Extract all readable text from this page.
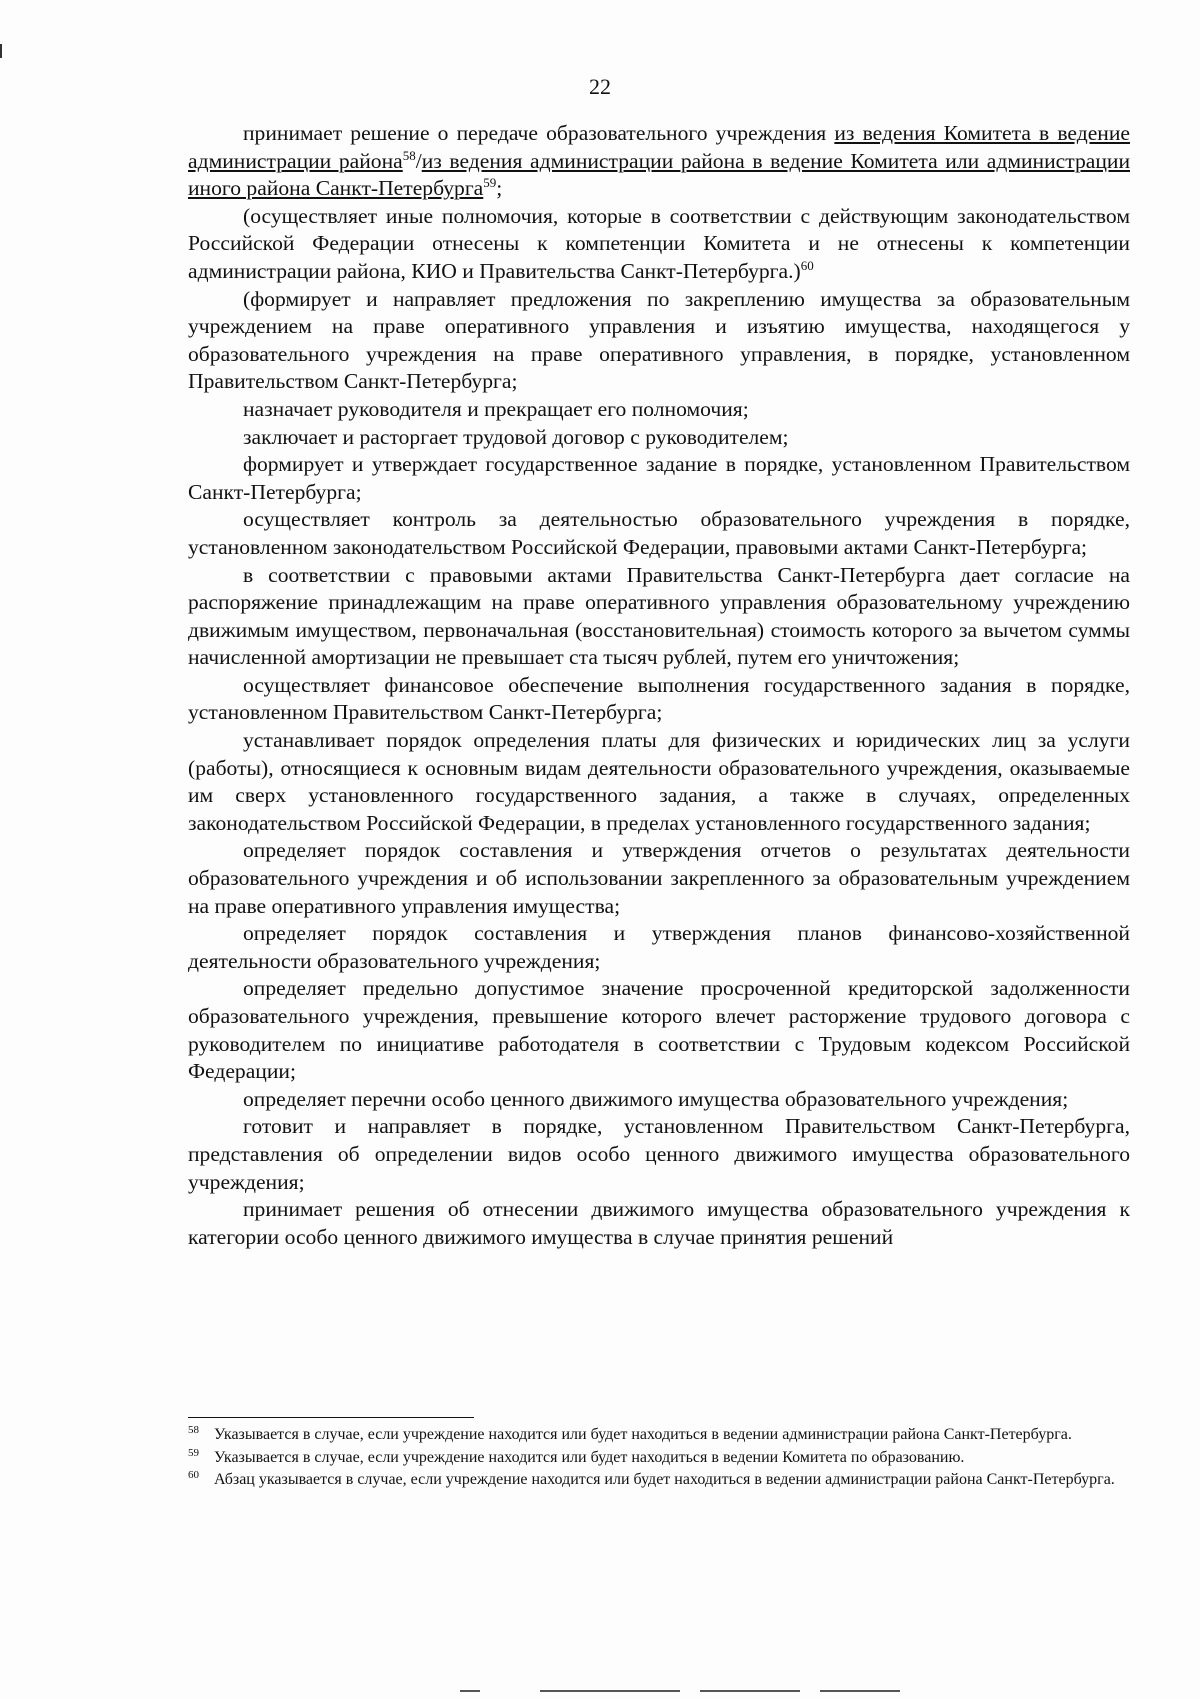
22

принимает решение о передаче образовательного учреждения из ведения Комитета в ведение администрации района$^{58}$/из ведения администрации района в ведение Комитета или администрации иного района Санкт-Петербурга$^{59}$;

(осуществляет иные полномочия, которые в соответствии с действующим законодательством Российской Федерации отнесены к компетенции Комитета и не отнесены к компетенции администрации района, КИО и Правительства Санкт-Петербурга.)$^{60}$

(формирует и направляет предложения по закреплению имущества за образовательным учреждением на праве оперативного управления и изъятию имущества, находящегося у образовательного учреждения на праве оперативного управления, в порядке, установленном Правительством Санкт-Петербурга;

назначает руководителя и прекращает его полномочия;

заключает и расторгает трудовой договор с руководителем;

формирует и утверждает государственное задание в порядке, установленном Правительством Санкт-Петербурга;

осуществляет контроль за деятельностью образовательного учреждения в порядке, установленном законодательством Российской Федерации, правовыми актами Санкт-Петербурга;

в соответствии с правовыми актами Правительства Санкт-Петербурга дает согласие на распоряжение принадлежащим на праве оперативного управления образовательному учреждению движимым имуществом, первоначальная (восстановительная) стоимость которого за вычетом суммы начисленной амортизации не превышает ста тысяч рублей, путем его уничтожения;

осуществляет финансовое обеспечение выполнения государственного задания в порядке, установленном Правительством Санкт-Петербурга;

устанавливает порядок определения платы для физических и юридических лиц за услуги (работы), относящиеся к основным видам деятельности образовательного учреждения, оказываемые им сверх установленного государственного задания, а также в случаях, определенных законодательством Российской Федерации, в пределах установленного государственного задания;

определяет порядок составления и утверждения отчетов о результатах деятельности образовательного учреждения и об использовании закрепленного за образовательным учреждением на праве оперативного управления имущества;

определяет порядок составления и утверждения планов финансово-хозяйственной деятельности образовательного учреждения;

определяет предельно допустимое значение просроченной кредиторской задолженности образовательного учреждения, превышение которого влечет расторжение трудового договора с руководителем по инициативе работодателя в соответствии с Трудовым кодексом Российской Федерации;

определяет перечни особо ценного движимого имущества образовательного учреждения;

готовит и направляет в порядке, установленном Правительством Санкт-Петербурга, представления об определении видов особо ценного движимого имущества образовательного учреждения;

принимает решения об отнесении движимого имущества образовательного учреждения к категории особо ценного движимого имущества в случае принятия решений

58 Указывается в случае, если учреждение находится или будет находиться в ведении администрации района Санкт-Петербурга.
59 Указывается в случае, если учреждение находится или будет находиться в ведении Комитета по образованию.
60 Абзац указывается в случае, если учреждение находится или будет находиться в ведении администрации района Санкт-Петербурга.
